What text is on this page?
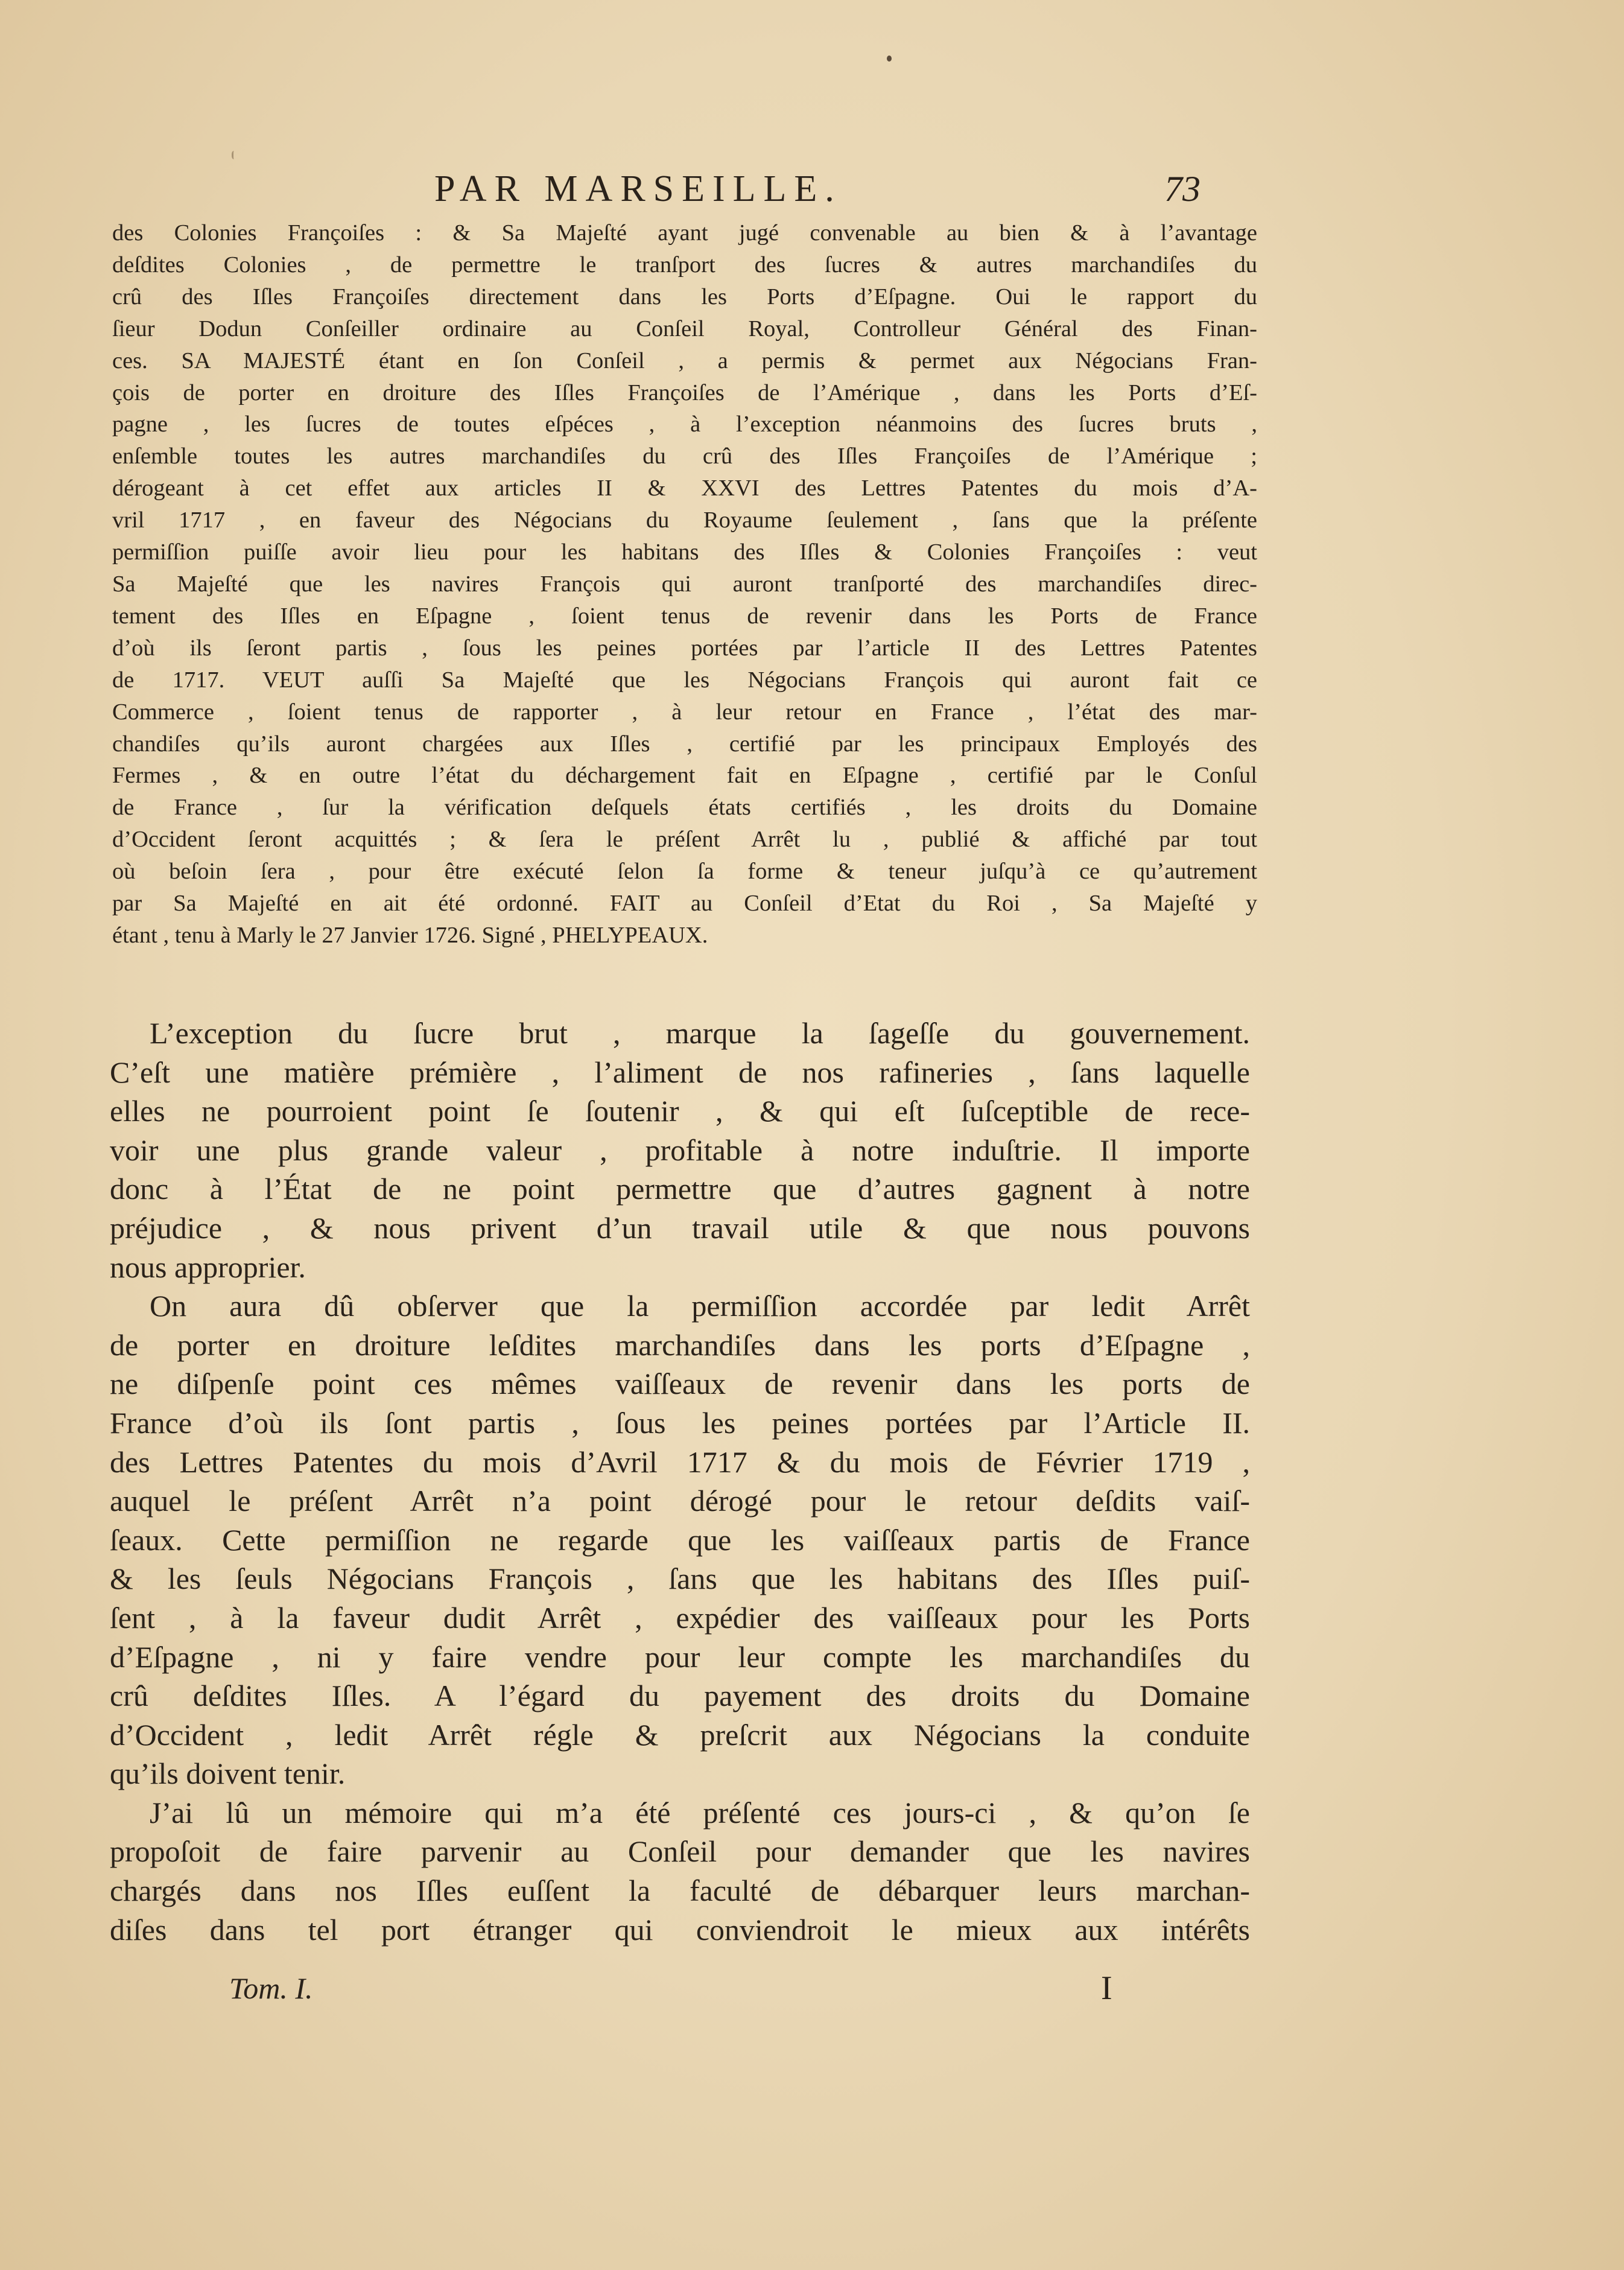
PAR MARSEILLE.	73
des Colonies Françoiſes : & Sa Majeſté ayant jugé convenable au bien & à l’avantage
deſdites Colonies , de permettre le tranſport des ſucres & autres marchandiſes du
crû des Iſles Françoiſes directement dans les Ports d’Eſpagne. Oui le rapport du
ſieur Dodun Conſeiller ordinaire au Conſeil Royal, Controlleur Général des Finan-
ces. SA MAJESTÉ étant en ſon Conſeil , a permis & permet aux Négocians Fran-
çois de porter en droiture des Iſles Françoiſes de l’Amérique , dans les Ports d’Eſ-
pagne , les ſucres de toutes eſpéces , à l’exception néanmoins des ſucres bruts ,
enſemble toutes les autres marchandiſes du crû des Iſles Françoiſes de l’Amérique ;
dérogeant à cet effet aux articles II & XXVI des Lettres Patentes du mois d’A-
vril 1717 , en faveur des Négocians du Royaume ſeulement , ſans que la préſente
permiſſion puiſſe avoir lieu pour les habitans des Iſles & Colonies Françoiſes : veut
Sa Majeſté que les navires François qui auront tranſporté des marchandiſes direc-
tement des Iſles en Eſpagne , ſoient tenus de revenir dans les Ports de France
d’où ils ſeront partis , ſous les peines portées par l’article II des Lettres Patentes
de 1717. VEUT auſſi Sa Majeſté que les Négocians François qui auront fait ce
Commerce , ſoient tenus de rapporter , à leur retour en France , l’état des mar-
chandiſes qu’ils auront chargées aux Iſles , certifié par les principaux Employés des
Fermes , & en outre l’état du déchargement fait en Eſpagne , certifié par le Conſul
de France , ſur la vérification deſquels états certifiés , les droits du Domaine
d’Occident ſeront acquittés ; & ſera le préſent Arrêt lu , publié & affiché par tout
où beſoin ſera , pour être exécuté ſelon ſa forme & teneur juſqu’à ce qu’autrement
par Sa Majeſté en ait été ordonné. FAIT au Conſeil d’Etat du Roi , Sa Majeſté y
étant , tenu à Marly le 27 Janvier 1726. Signé , PHELYPEAUX.
L’exception du ſucre brut , marque la ſageſſe du gouvernement.
C’eſt une matière prémière , l’aliment de nos rafineries , ſans laquelle
elles ne pourroient point ſe ſoutenir , & qui eſt ſuſceptible de rece-
voir une plus grande valeur , profitable à notre induſtrie. Il importe
donc à l’État de ne point permettre que d’autres gagnent à notre
préjudice , & nous privent d’un travail utile & que nous pouvons
nous approprier.
On aura dû obſerver que la permiſſion accordée par ledit Arrêt
de porter en droiture leſdites marchandiſes dans les ports d’Eſpagne ,
ne diſpenſe point ces mêmes vaiſſeaux de revenir dans les ports de
France d’où ils ſont partis , ſous les peines portées par l’Article II.
des Lettres Patentes du mois d’Avril 1717 & du mois de Février 1719 ,
auquel le préſent Arrêt n’a point dérogé pour le retour deſdits vaiſ-
ſeaux. Cette permiſſion ne regarde que les vaiſſeaux partis de France
& les ſeuls Négocians François , ſans que les habitans des Iſles puiſ-
ſent , à la faveur dudit Arrêt , expédier des vaiſſeaux pour les Ports
d’Eſpagne , ni y faire vendre pour leur compte les marchandiſes du
crû deſdites Iſles. A l’égard du payement des droits du Domaine
d’Occident , ledit Arrêt régle & preſcrit aux Négocians la conduite
qu’ils doivent tenir.
J’ai lû un mémoire qui m’a été préſenté ces jours-ci , & qu’on ſe
propoſoit de faire parvenir au Conſeil pour demander que les navires
chargés dans nos Iſles euſſent la faculté de débarquer leurs marchan-
diſes dans tel port étranger qui conviendroit le mieux aux intérêts
Tom. I.	I
